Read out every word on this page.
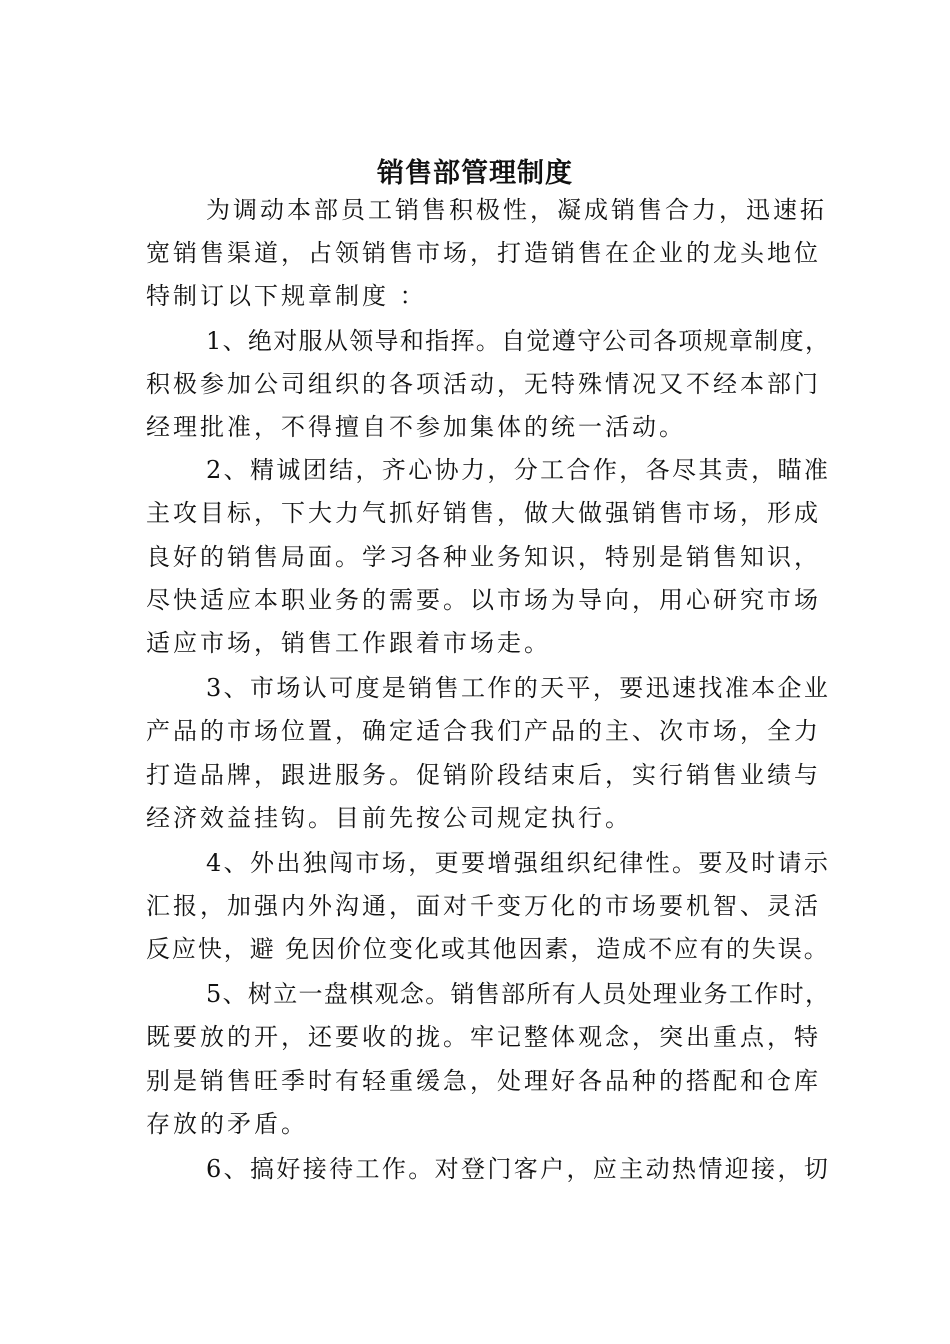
销售部管理制度
为调动本部员工销售积极性，凝成销售合力，迅速拓
宽销售渠道，占领销售市场，打造销售在企业的龙头地位
特制订以下规章制度 ：
1、绝对服从领导和指挥。自觉遵守公司各项规章制度，
积极参加公司组织的各项活动，无特殊情况又不经本部门
经理批准，不得擅自不参加集体的统一活动。
2、精诚团结，齐心协力，分工合作，各尽其责，瞄准
主攻目标，下大力气抓好销售，做大做强销售市场，形成
良好的销售局面。学习各种业务知识，特别是销售知识，
尽快适应本职业务的需要。以市场为导向，用心研究市场
适应市场，销售工作跟着市场走。
3、市场认可度是销售工作的天平，要迅速找准本企业
产品的市场位置，确定适合我们产品的主、次市场，全力
打造品牌，跟进服务。促销阶段结束后，实行销售业绩与
经济效益挂钩。目前先按公司规定执行。
4、外出独闯市场，更要增强组织纪律性。要及时请示
汇报，加强内外沟通，面对千变万化的市场要机智、灵活
反应快，避 免因价位变化或其他因素，造成不应有的失误。
5、树立一盘棋观念。销售部所有人员处理业务工作时，
既要放的开，还要收的拢。牢记整体观念，突出重点，特
别是销售旺季时有轻重缓急，处理好各品种的搭配和仓库
存放的矛盾。
6、搞好接待工作。对登门客户，应主动热情迎接，切
